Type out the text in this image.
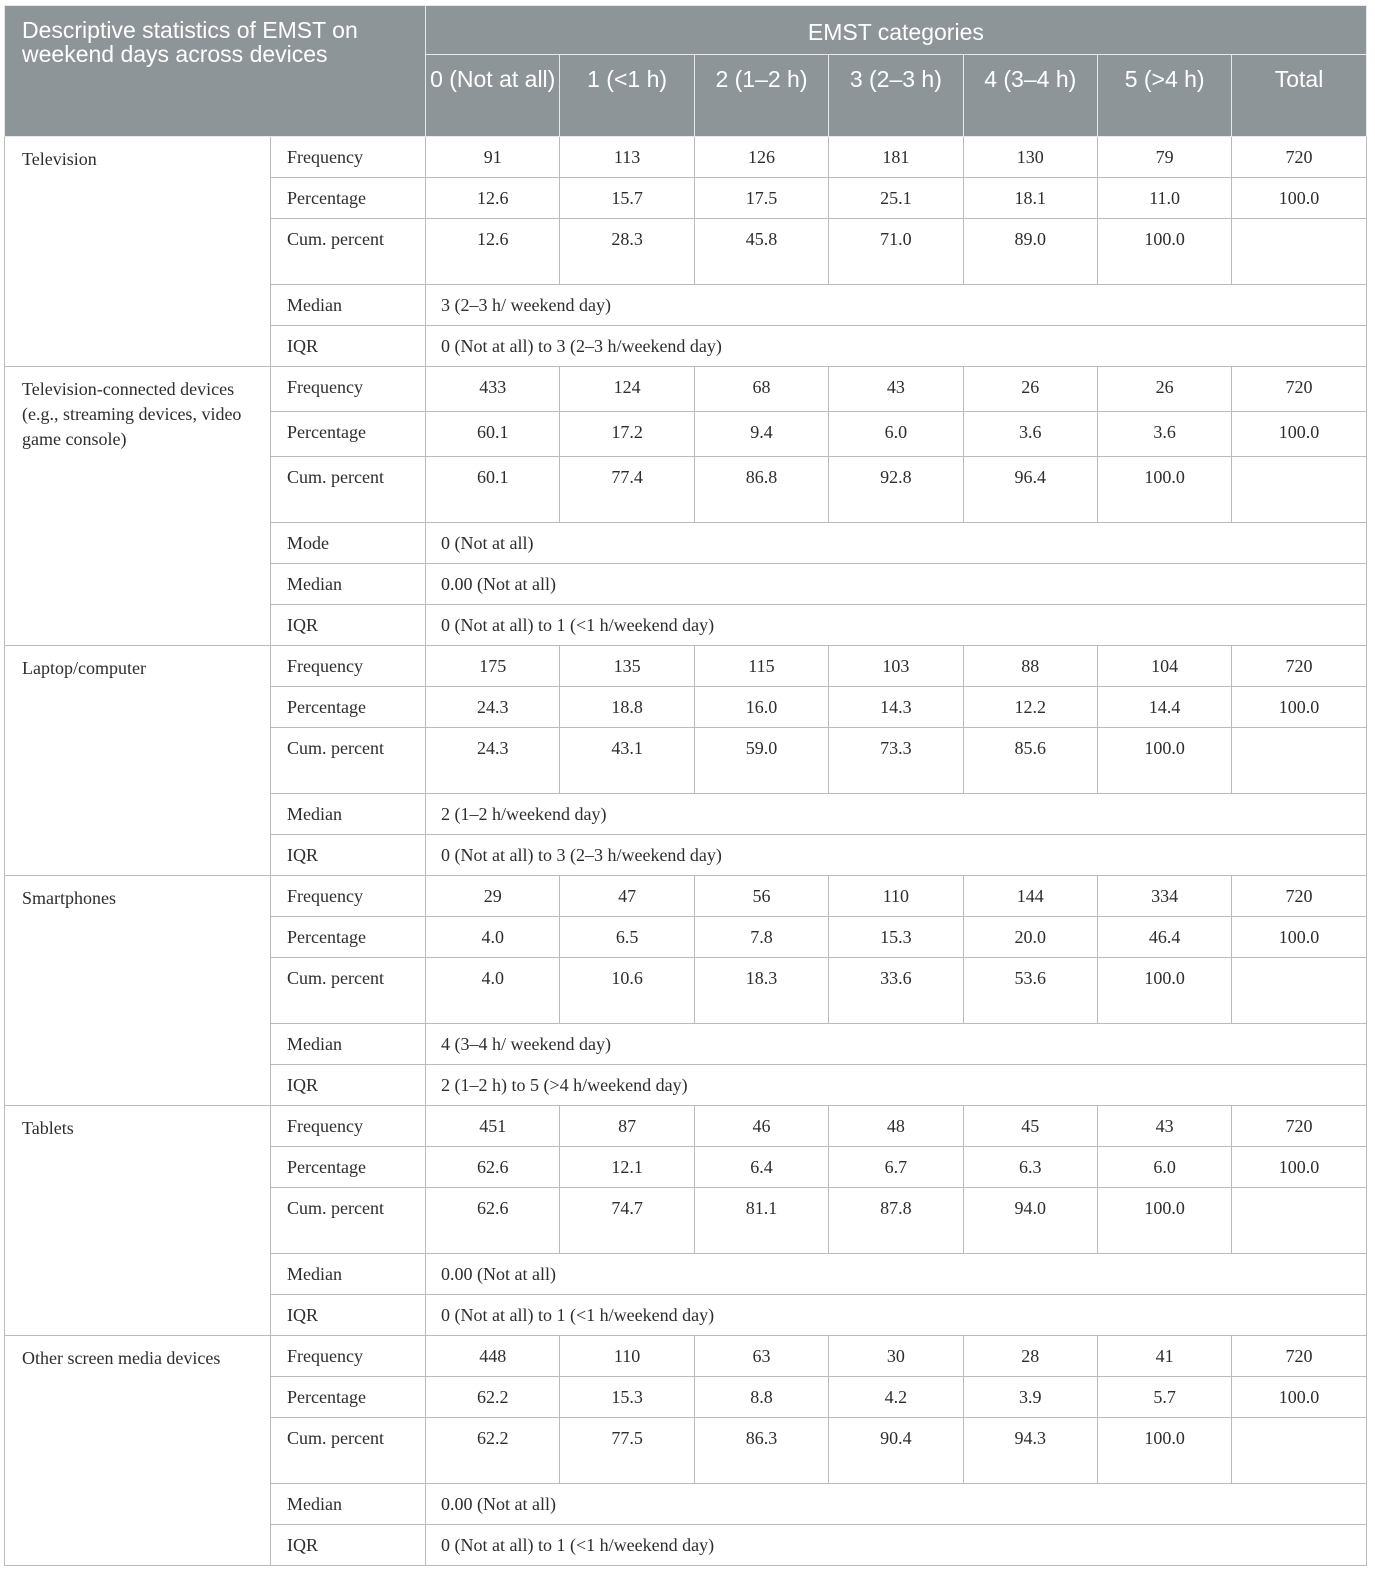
Descriptive statistics of EMST on weekend days across devices		EMST categories						
		0 (Not at all)	1 (<1 h)	2 (1–2 h)	3 (2–3 h)	4 (3–4 h)	5 (>4 h)	Total
Television	Frequency	91	113	126	181	130	79	720
	Percentage	12.6	15.7	17.5	25.1	18.1	11.0	100.0
	Cum. percent	12.6	28.3	45.8	71.0	89.0	100.0	
	Median	3 (2–3 h/ weekend day)						
	IQR	0 (Not at all) to 3 (2–3 h/weekend day)						
Television-connected devices (e.g., streaming devices, video game console)	Frequency	433	124	68	43	26	26	720
	Percentage	60.1	17.2	9.4	6.0	3.6	3.6	100.0
	Cum. percent	60.1	77.4	86.8	92.8	96.4	100.0	
	Mode	0 (Not at all)						
	Median	0.00 (Not at all)						
	IQR	0 (Not at all) to 1 (<1 h/weekend day)						
Laptop/computer	Frequency	175	135	115	103	88	104	720
	Percentage	24.3	18.8	16.0	14.3	12.2	14.4	100.0
	Cum. percent	24.3	43.1	59.0	73.3	85.6	100.0	
	Median	2 (1–2 h/weekend day)						
	IQR	0 (Not at all) to 3 (2–3 h/weekend day)						
Smartphones	Frequency	29	47	56	110	144	334	720
	Percentage	4.0	6.5	7.8	15.3	20.0	46.4	100.0
	Cum. percent	4.0	10.6	18.3	33.6	53.6	100.0	
	Median	4 (3–4 h/ weekend day)						
	IQR	2 (1–2 h) to 5 (>4 h/weekend day)						
Tablets	Frequency	451	87	46	48	45	43	720
	Percentage	62.6	12.1	6.4	6.7	6.3	6.0	100.0
	Cum. percent	62.6	74.7	81.1	87.8	94.0	100.0	
	Median	0.00 (Not at all)						
	IQR	0 (Not at all) to 1 (<1 h/weekend day)						
Other screen media devices	Frequency	448	110	63	30	28	41	720
	Percentage	62.2	15.3	8.8	4.2	3.9	5.7	100.0
	Cum. percent	62.2	77.5	86.3	90.4	94.3	100.0	
	Median	0.00 (Not at all)						
	IQR	0 (Not at all) to 1 (<1 h/weekend day)						
